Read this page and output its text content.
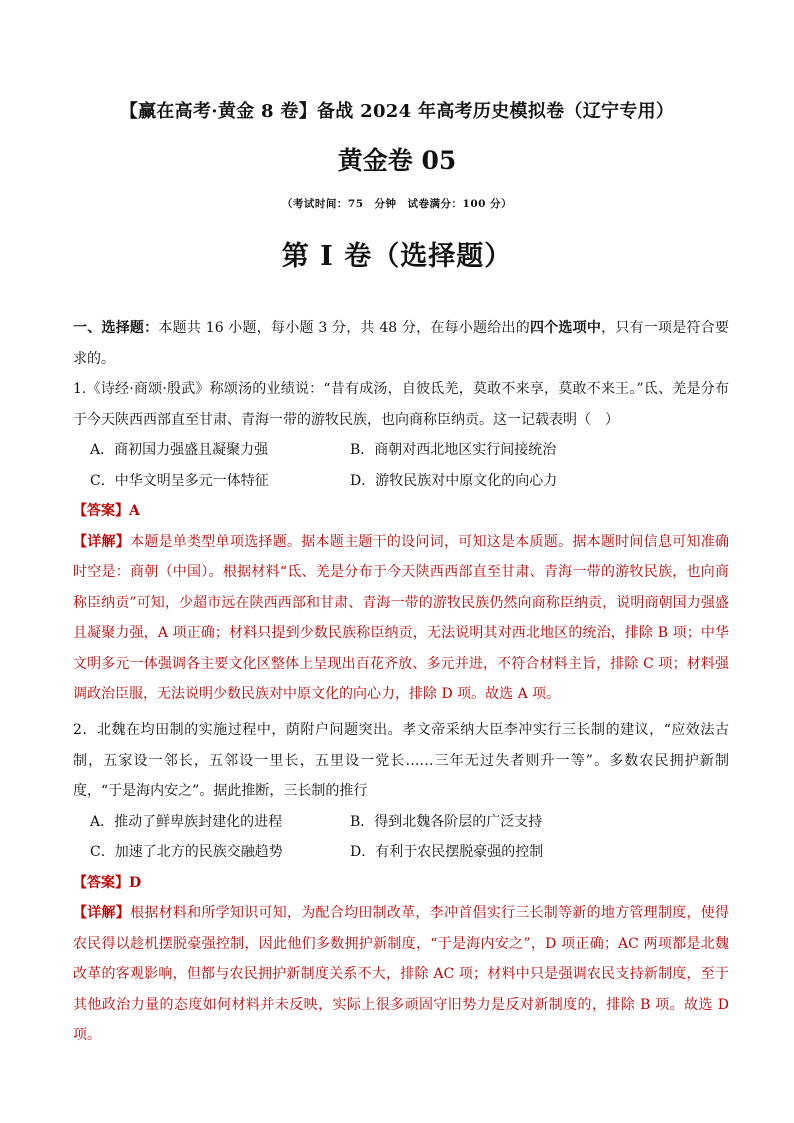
【赢在高考·黄金 8 卷】备战 2024 年高考历史模拟卷（辽宁专用）
黄金卷 05
（考试时间：75　分钟　试卷满分：100 分）
第 I 卷（选择题）
一、选择题：本题共 16 小题，每小题 3 分，共 48 分，在每小题给出的四个选项中，只有一项是符合要求的。
1.《诗经·商颂·殷武》称颂汤的业绩说：“昔有成汤，自彼氐羌，莫敢不来享，莫敢不来王。”氐、羌是分布于今天陕西西部直至甘肃、青海一带的游牧民族，也向商称臣纳贡。这一记载表明（　）
A．商初国力强盛且凝聚力强	B．商朝对西北地区实行间接统治
C．中华文明呈多元一体特征	D．游牧民族对中原文化的向心力
【答案】A
【详解】本题是单类型单项选择题。据本题主题干的设问词，可知这是本质题。据本题时间信息可知准确时空是：商朝（中国）。根据材料“氐、羌是分布于今天陕西西部直至甘肃、青海一带的游牧民族，也向商称臣纳贡”可知，少超市远在陕西西部和甘肃、青海一带的游牧民族仍然向商称臣纳贡，说明商朝国力强盛且凝聚力强，A 项正确；材料只提到少数民族称臣纳贡，无法说明其对西北地区的统治，排除 B 项；中华文明多元一体强调各主要文化区整体上呈现出百花齐放、多元并进，不符合材料主旨，排除 C 项；材料强调政治臣服，无法说明少数民族对中原文化的向心力，排除 D 项。故选 A 项。
2．北魏在均田制的实施过程中，荫附户问题突出。孝文帝采纳大臣李冲实行三长制的建议，“应效法古制，五家设一邻长，五邻设一里长，五里设一党长……三年无过失者则升一等”。多数农民拥护新制度，“于是海内安之”。据此推断，三长制的推行
A．推动了鲜卑族封建化的进程	B．得到北魏各阶层的广泛支持
C．加速了北方的民族交融趋势	D．有利于农民摆脱豪强的控制
【答案】D
【详解】根据材料和所学知识可知，为配合均田制改革，李冲首倡实行三长制等新的地方管理制度，使得农民得以趁机摆脱豪强控制，因此他们多数拥护新制度，“于是海内安之”，D 项正确；AC 两项都是北魏改革的客观影响，但都与农民拥护新制度关系不大，排除 AC 项；材料中只是强调农民支持新制度，至于其他政治力量的态度如何材料并未反映，实际上很多顽固守旧势力是反对新制度的，排除 B 项。故选 D 项。
